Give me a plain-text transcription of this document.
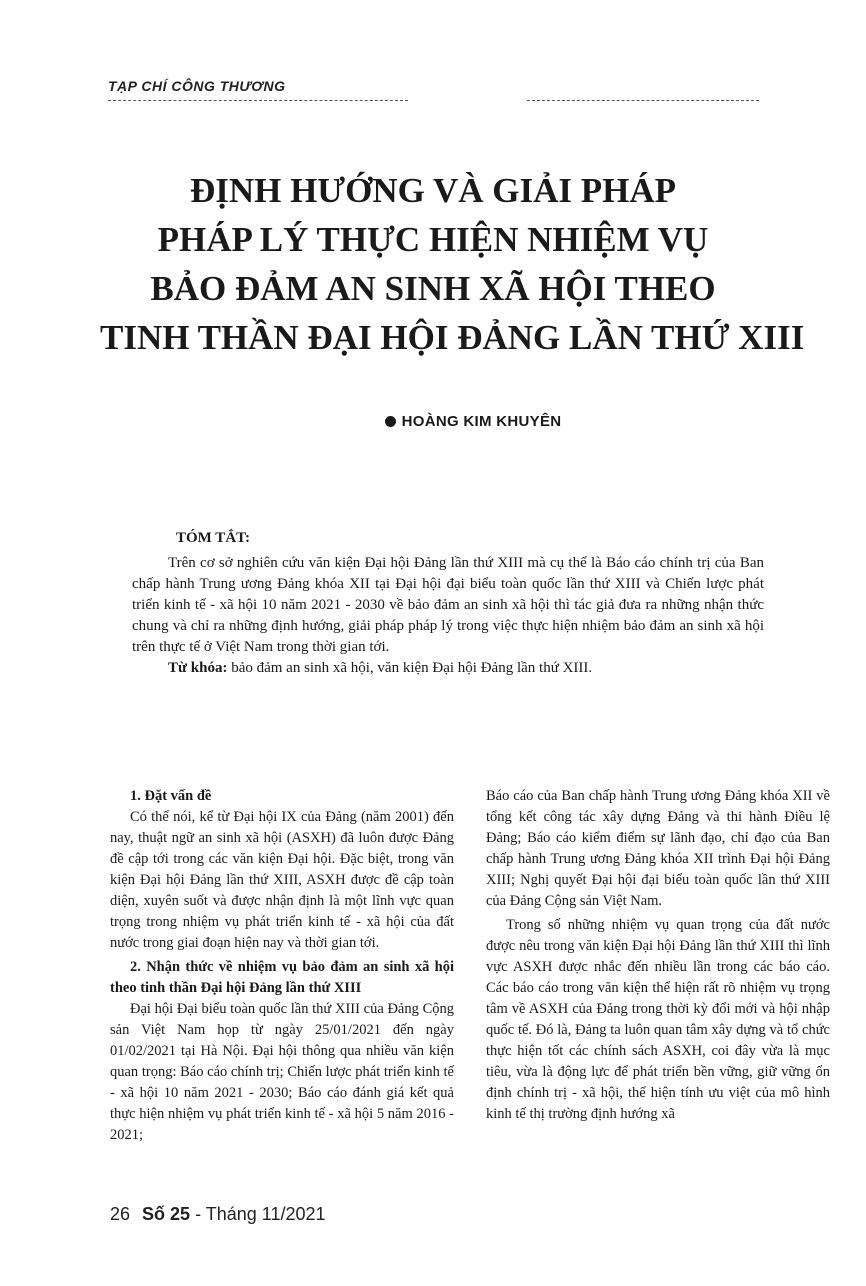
TẠP CHÍ CÔNG THƯƠNG
ĐỊNH HƯỚNG VÀ GIẢI PHÁP
PHÁP LÝ THỰC HIỆN NHIỆM VỤ
BẢO ĐẢM AN SINH XÃ HỘI THEO
TINH THẦN ĐẠI HỘI ĐẢNG LẦN THỨ XIII
HOÀNG KIM KHUYÊN
TÓM TẮT:
Trên cơ sở nghiên cứu văn kiện Đại hội Đảng lần thứ XIII mà cụ thể là Báo cáo chính trị của Ban chấp hành Trung ương Đảng khóa XII tại Đại hội đại biểu toàn quốc lần thứ XIII và Chiến lược phát triển kinh tế - xã hội 10 năm 2021 - 2030 về bảo đảm an sinh xã hội thì tác giả đưa ra những nhận thức chung và chỉ ra những định hướng, giải pháp pháp lý trong việc thực hiện nhiệm bảo đảm an sinh xã hội trên thực tế ở Việt Nam trong thời gian tới.
Từ khóa: bảo đảm an sinh xã hội, văn kiện Đại hội Đảng lần thứ XIII.

1. Đặt vấn đề

Có thể nói, kể từ Đại hội IX của Đảng (năm 2001) đến nay, thuật ngữ an sinh xã hội (ASXH) đã luôn được Đảng đề cập tới trong các văn kiện Đại hội. Đặc biệt, trong văn kiện Đại hội Đảng lần thứ XIII, ASXH được đề cập toàn diện, xuyên suốt và được nhận định là một lĩnh vực quan trọng trong nhiệm vụ phát triển kinh tế - xã hội của đất nước trong giai đoạn hiện nay và thời gian tới.

2. Nhận thức về nhiệm vụ bảo đảm an sinh xã hội theo tinh thần Đại hội Đảng lần thứ XIII

Đại hội Đại biểu toàn quốc lần thứ XIII của Đảng Cộng sản Việt Nam họp từ ngày 25/01/2021 đến ngày 01/02/2021 tại Hà Nội. Đại hội thông qua nhiều văn kiện quan trọng: Báo cáo chính trị; Chiến lược phát triển kinh tế - xã hội 10 năm 2021 - 2030; Báo cáo đánh giá kết quả thực hiện nhiệm vụ phát triển kinh tế - xã hội 5 năm 2016 - 2021;

Báo cáo của Ban chấp hành Trung ương Đảng khóa XII về tổng kết công tác xây dựng Đảng và thi hành Điều lệ Đảng; Báo cáo kiểm điểm sự lãnh đạo, chỉ đạo của Ban chấp hành Trung ương Đảng khóa XII trình Đại hội Đảng XIII; Nghị quyết Đại hội đại biểu toàn quốc lần thứ XIII của Đảng Cộng sản Việt Nam.

Trong số những nhiệm vụ quan trọng của đất nước được nêu trong văn kiện Đại hội Đảng lần thứ XIII thì lĩnh vực ASXH được nhắc đến nhiều lần trong các báo cáo. Các báo cáo trong văn kiện thể hiện rất rõ nhiệm vụ trọng tâm về ASXH của Đảng trong thời kỳ đổi mới và hội nhập quốc tế. Đó là, Đảng ta luôn quan tâm xây dựng và tổ chức thực hiện tốt các chính sách ASXH, coi đây vừa là mục tiêu, vừa là động lực để phát triển bền vững, giữ vững ổn định chính trị - xã hội, thể hiện tính ưu việt của mô hình kinh tế thị trường định hướng xã

26 Số 25 - Tháng 11/2021
